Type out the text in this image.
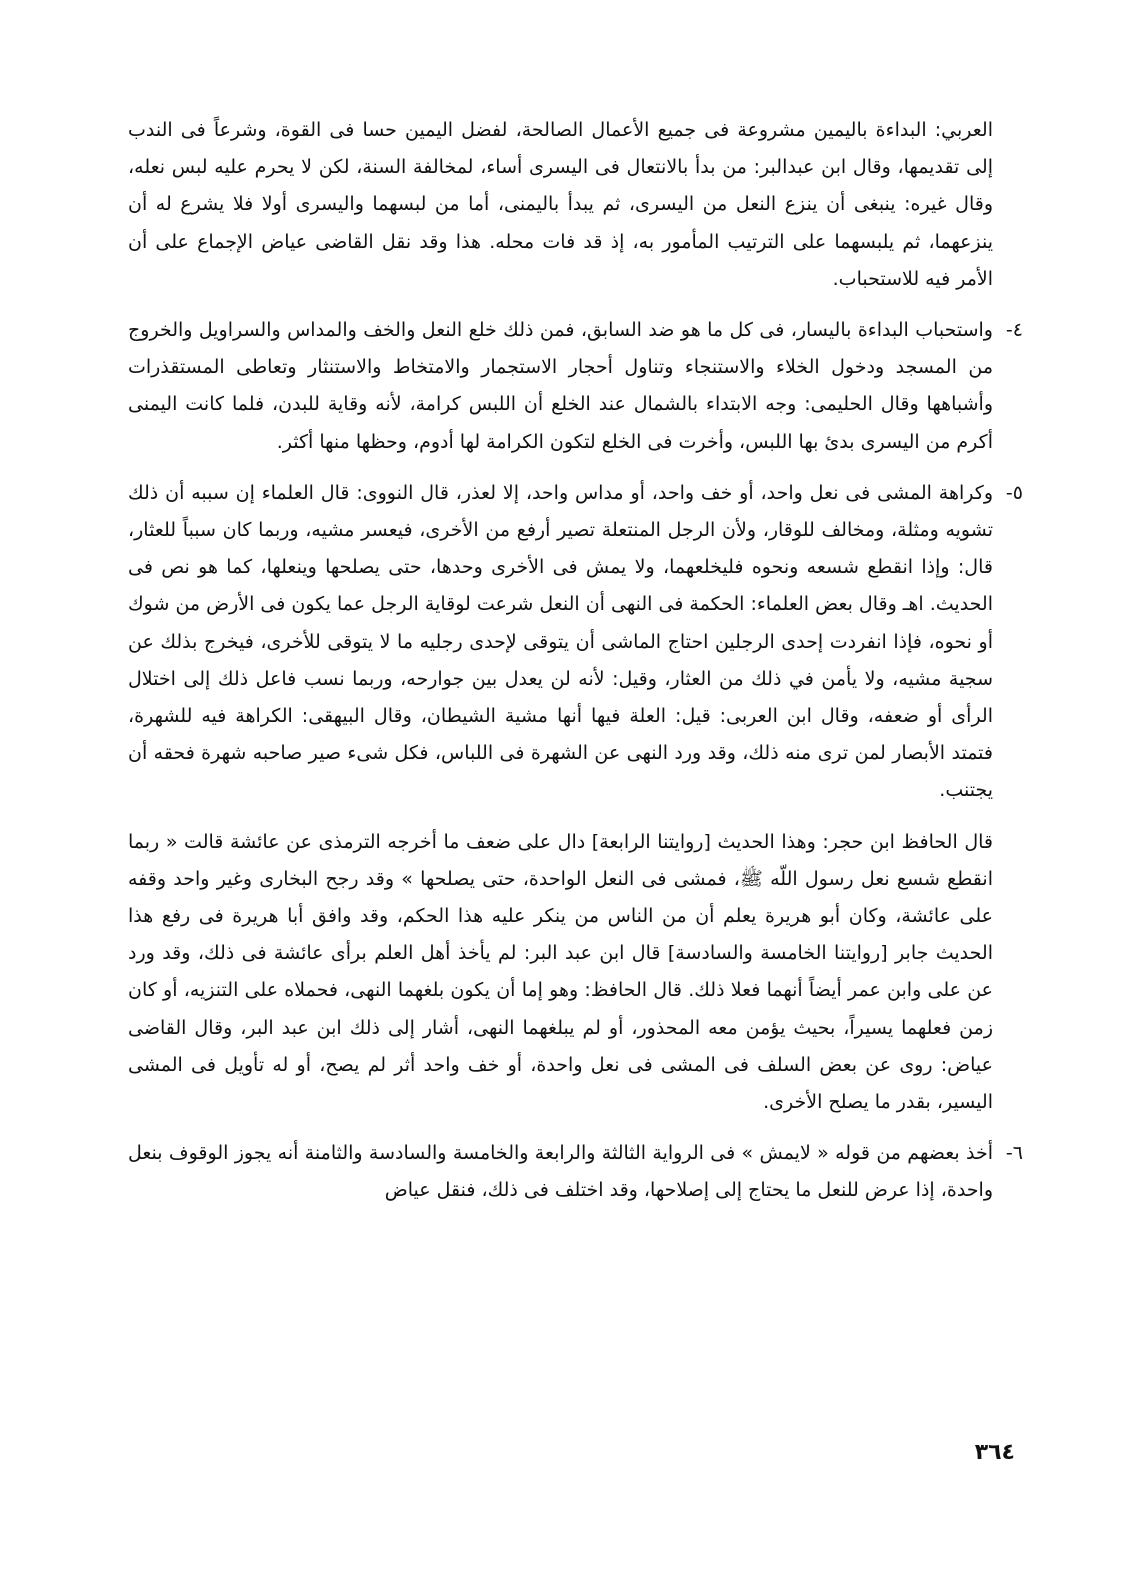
العربي: البداءة باليمين مشروعة فى جميع الأعمال الصالحة، لفضل اليمين حسا فى القوة، وشرعاً فى الندب إلى تقديمها، وقال ابن عبدالبر: من بدأ بالانتعال فى اليسرى أساء، لمخالفة السنة، لكن لا يحرم عليه لبس نعله، وقال غيره: ينبغى أن ينزع النعل من اليسرى، ثم يبدأ باليمنى، أما من لبسهما واليسرى أولا فلا يشرع له أن ينزعهما، ثم يلبسهما على الترتيب المأمور به، إذ قد فات محله. هذا وقد نقل القاضى عياض الإجماع على أن الأمر فيه للاستحباب.

٤-
واستحباب البداءة باليسار، فى كل ما هو ضد السابق، فمن ذلك خلع النعل والخف والمداس والسراويل والخروج من المسجد ودخول الخلاء والاستنجاء وتناول أحجار الاستجمار والامتخاط والاستنثار وتعاطى المستقذرات وأشباهها وقال الحليمى: وجه الابتداء بالشمال عند الخلع أن اللبس كرامة، لأنه وقاية للبدن، فلما كانت اليمنى أكرم من اليسرى بدئ بها اللبس، وأخرت فى الخلع لتكون الكرامة لها أدوم، وحظها منها أكثر.
٥-
وكراهة المشى فى نعل واحد، أو خف واحد، أو مداس واحد، إلا لعذر، قال النووى: قال العلماء إن سببه أن ذلك تشويه ومثلة، ومخالف للوقار، ولأن الرجل المنتعلة تصير أرفع من الأخرى، فيعسر مشيه، وربما كان سبباً للعثار، قال: وإذا انقطع شسعه ونحوه فليخلعهما، ولا يمش فى الأخرى وحدها، حتى يصلحها وينعلها، كما هو نص فى الحديث. اهـ وقال بعض العلماء: الحكمة فى النهى أن النعل شرعت لوقاية الرجل عما يكون فى الأرض من شوك أو نحوه، فإذا انفردت إحدى الرجلين احتاج الماشى أن يتوقى لإحدى رجليه ما لا يتوقى للأخرى، فيخرج بذلك عن سجية مشيه، ولا يأمن في ذلك من العثار، وقيل: لأنه لن يعدل بين جوارحه، وربما نسب فاعل ذلك إلى اختلال الرأى أو ضعفه، وقال ابن العربى: قيل: العلة فيها أنها مشية الشيطان، وقال البيهقى: الكراهة فيه للشهرة، فتمتد الأبصار لمن ترى منه ذلك، وقد ورد النهى عن الشهرة فى اللباس، فكل شىء صير صاحبه شهرة فحقه أن يجتنب.

قال الحافظ ابن حجر: وهذا الحديث [روايتنا الرابعة] دال على ضعف ما أخرجه الترمذى عن عائشة قالت « ربما انقطع شسع نعل رسول اللّه ﷺ، فمشى فى النعل الواحدة، حتى يصلحها » وقد رجح البخارى وغير واحد وقفه على عائشة، وكان أبو هريرة يعلم أن من الناس من ينكر عليه هذا الحكم، وقد وافق أبا هريرة فى رفع هذا الحديث جابر [روايتنا الخامسة والسادسة] قال ابن عبد البر: لم يأخذ أهل العلم برأى عائشة فى ذلك، وقد ورد عن على وابن عمر أيضاً أنهما فعلا ذلك. قال الحافظ: وهو إما أن يكون بلغهما النهى، فحملاه على التنزيه، أو كان زمن فعلهما يسيراً، بحيث يؤمن معه المحذور، أو لم يبلغهما النهى، أشار إلى ذلك ابن عبد البر، وقال القاضى عياض: روى عن بعض السلف فى المشى فى نعل واحدة، أو خف واحد أثر لم يصح، أو له تأويل فى المشى اليسير، بقدر ما يصلح الأخرى.

٦-
أخذ بعضهم من قوله « لايمش » فى الرواية الثالثة والرابعة والخامسة والسادسة والثامنة أنه يجوز الوقوف بنعل واحدة، إذا عرض للنعل ما يحتاج إلى إصلاحها، وقد اختلف فى ذلك، فنقل عياض
٣٦٤
